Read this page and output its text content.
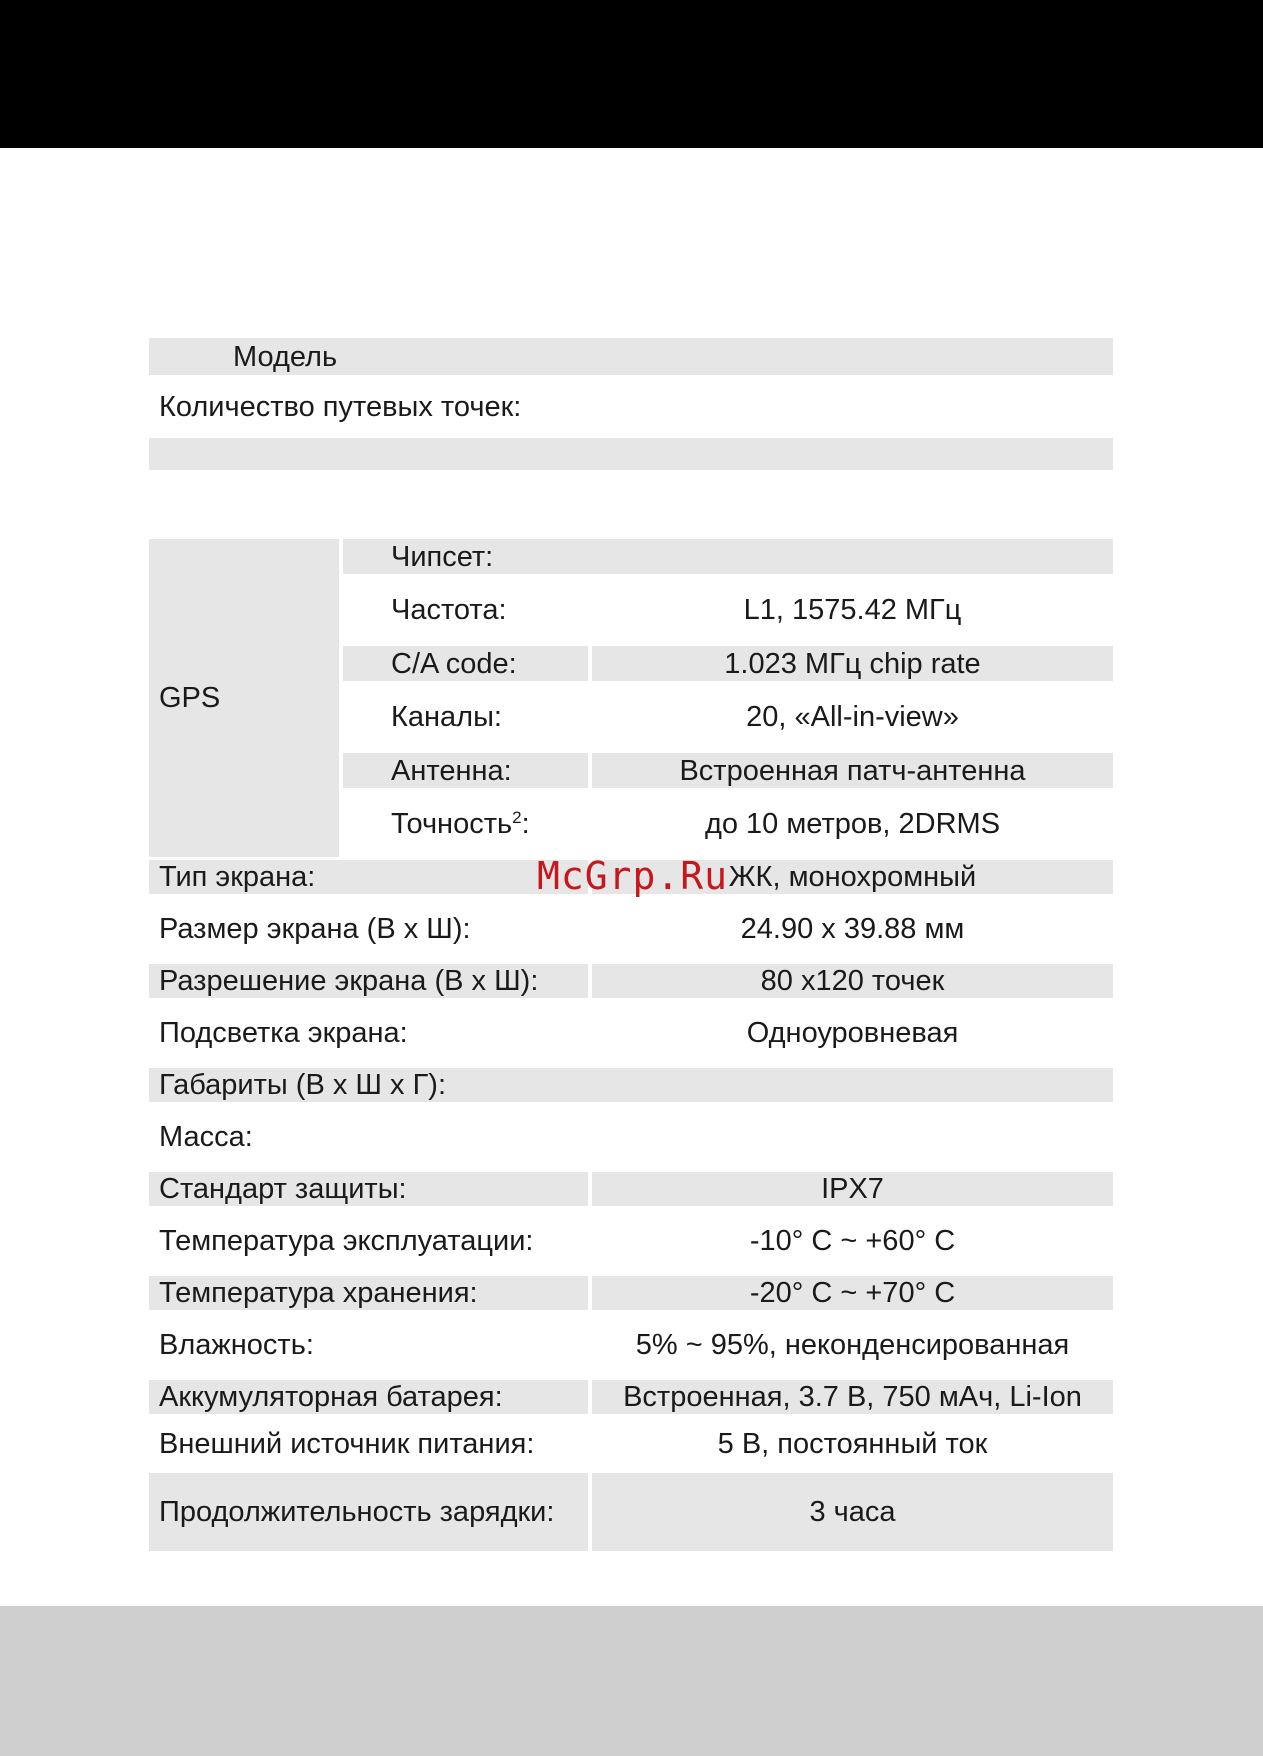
Модель		
Количество путевых точек:		

GPS	Чипсет:	
	Частота:	L1, 1575.42 МГц
	C/A code:	1.023 МГц chip rate
	Каналы:	20, «All-in-view»
	Антенна:	Встроенная патч-антенна
	Точность$^2$:	до 10 метров, 2DRMS
Тип экрана:		ЖК, монохромный
Размер экрана (В х Ш):		24.90 x 39.88 мм
Разрешение экрана (В х Ш):		80 x120 точек
Подсветка экрана:		Одноуровневая
Габариты (В х Ш х Г):		
Масса:		
Стандарт защиты:		IPX7
Температура эксплуатации:		-10° C ~ +60° C
Температура хранения:		-20° C ~ +70° C
Влажность:		5% ~ 95%, неконденсированная
Аккумуляторная батарея:		Встроенная, 3.7 В, 750 мАч, Li-Ion
Внешний источник питания:		5 В, постоянный ток
Продолжительность зарядки:		3 часа
McGrp.Ru
